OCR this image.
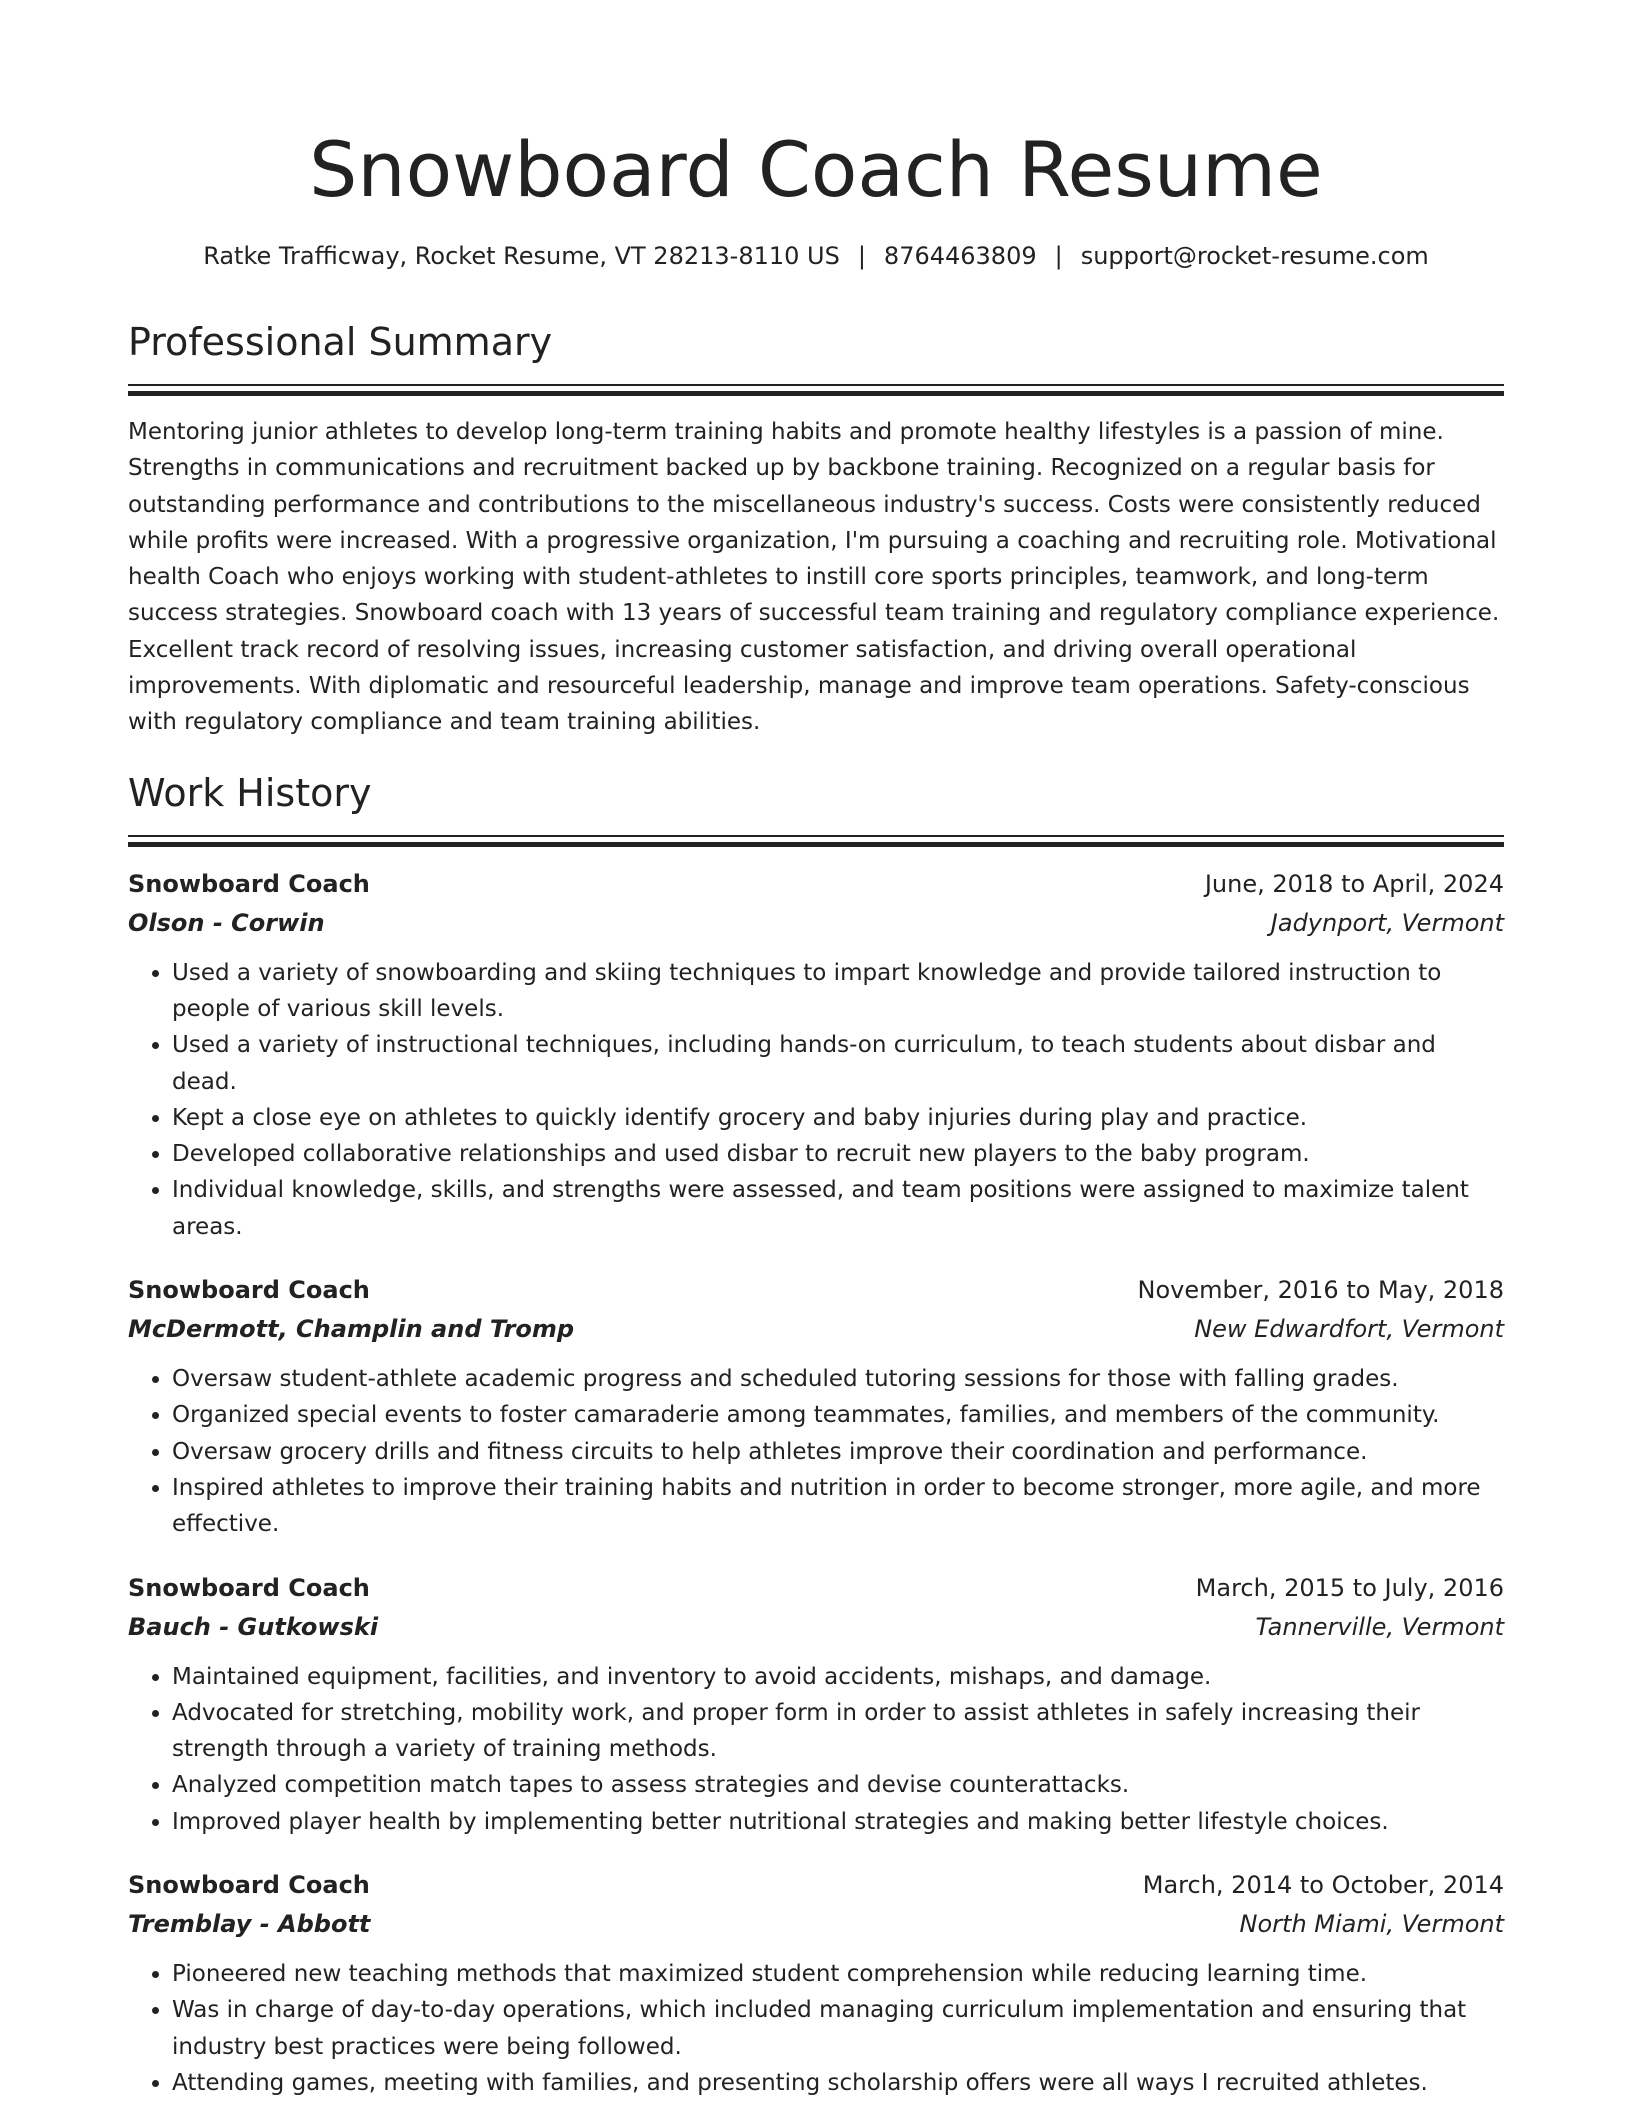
Snowboard Coach Resume
Ratke Trafficway, Rocket Resume, VT 28213-8110 US | 8764463809 | support@rocket-resume.com
Professional Summary

Mentoring junior athletes to develop long-term training habits and promote healthy lifestyles is a passion of mine. Strengths in communications and recruitment backed up by backbone training. Recognized on a regular basis for outstanding performance and contributions to the miscellaneous industry's success. Costs were consistently reduced while profits were increased. With a progressive organization, I'm pursuing a coaching and recruiting role. Motivational health Coach who enjoys working with student-athletes to instill core sports principles, teamwork, and long-term success strategies. Snowboard coach with 13 years of successful team training and regulatory compliance experience. Excellent track record of resolving issues, increasing customer satisfaction, and driving overall operational improvements. With diplomatic and resourceful leadership, manage and improve team operations. Safety-conscious with regulatory compliance and team training abilities.

Work History
Snowboard Coach	June, 2018 to April, 2024
Olson - Corwin	Jadynport, Vermont
• Used a variety of snowboarding and skiing techniques to impart knowledge and provide tailored instruction to people of various skill levels.
• Used a variety of instructional techniques, including hands-on curriculum, to teach students about disbar and dead.
• Kept a close eye on athletes to quickly identify grocery and baby injuries during play and practice.
• Developed collaborative relationships and used disbar to recruit new players to the baby program.
• Individual knowledge, skills, and strengths were assessed, and team positions were assigned to maximize talent areas.
Snowboard Coach	November, 2016 to May, 2018
McDermott, Champlin and Tromp	New Edwardfort, Vermont
• Oversaw student-athlete academic progress and scheduled tutoring sessions for those with falling grades.
• Organized special events to foster camaraderie among teammates, families, and members of the community.
• Oversaw grocery drills and fitness circuits to help athletes improve their coordination and performance.
• Inspired athletes to improve their training habits and nutrition in order to become stronger, more agile, and more effective.
Snowboard Coach	March, 2015 to July, 2016
Bauch - Gutkowski	Tannerville, Vermont
• Maintained equipment, facilities, and inventory to avoid accidents, mishaps, and damage.
• Advocated for stretching, mobility work, and proper form in order to assist athletes in safely increasing their strength through a variety of training methods.
• Analyzed competition match tapes to assess strategies and devise counterattacks.
• Improved player health by implementing better nutritional strategies and making better lifestyle choices.
Snowboard Coach	March, 2014 to October, 2014
Tremblay - Abbott	North Miami, Vermont
• Pioneered new teaching methods that maximized student comprehension while reducing learning time.
• Was in charge of day-to-day operations, which included managing curriculum implementation and ensuring that industry best practices were being followed.
• Attending games, meeting with families, and presenting scholarship offers were all ways I recruited athletes.
